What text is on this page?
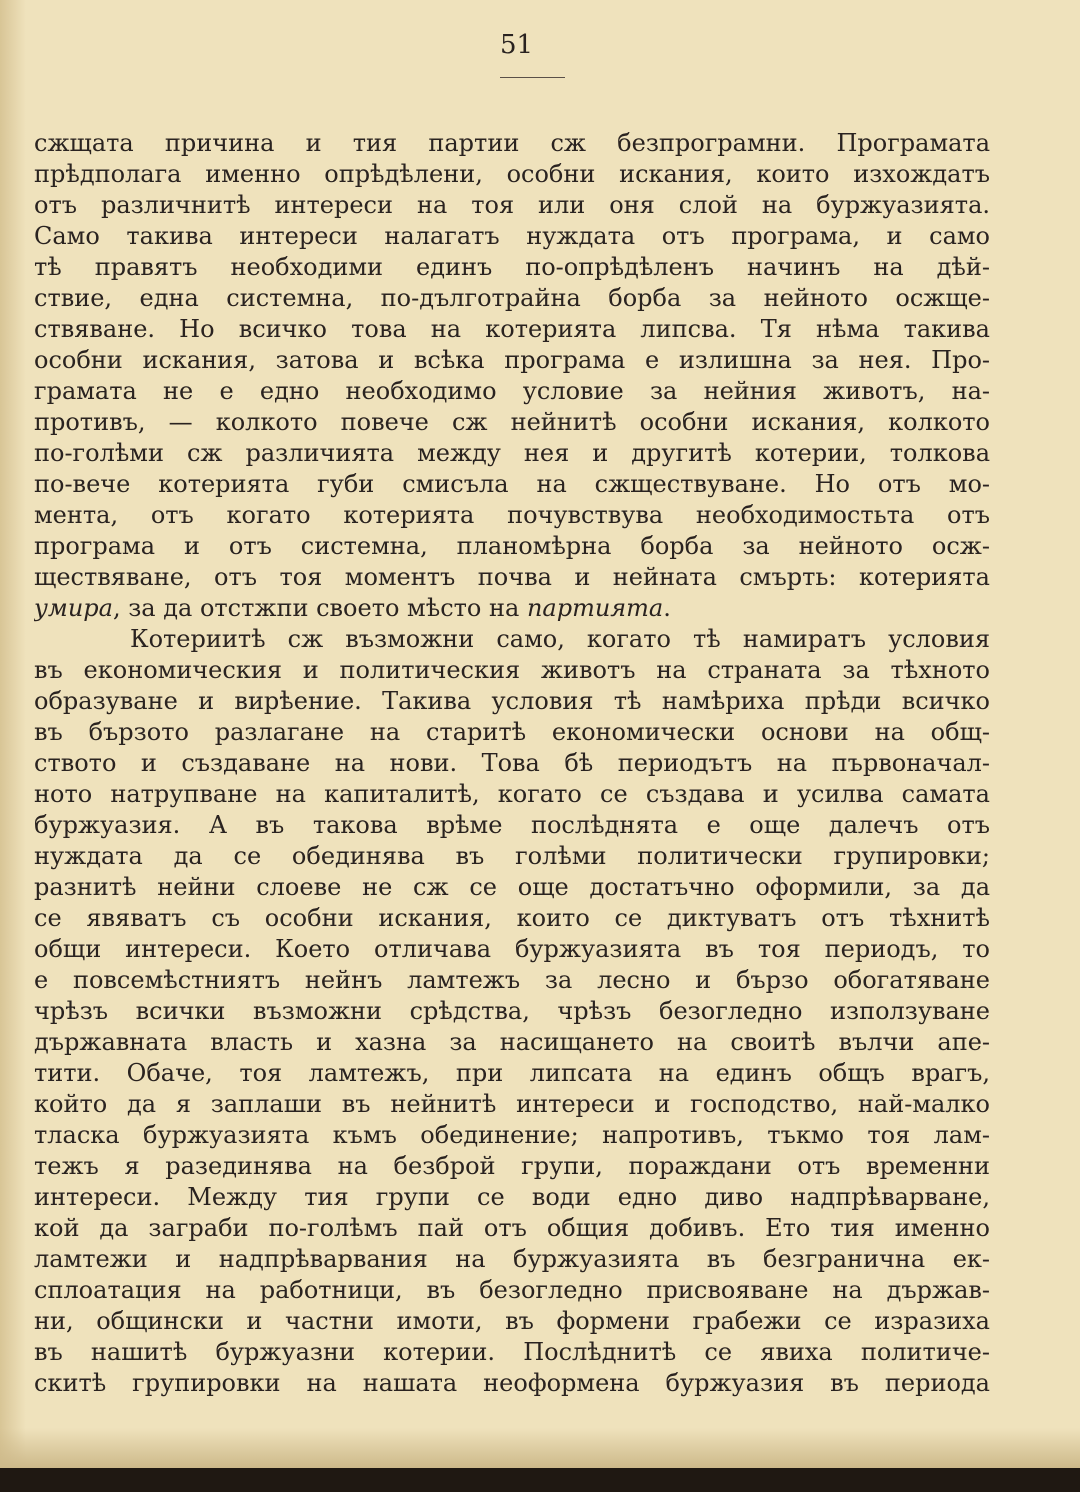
51
сжщата причина и тия партии сж безпрограмни. Програмата
прѣдполага именно опрѣдѣлени, особни искания, които изхождатъ
отъ различнитѣ интереси на тоя или оня слой на буржуазията.
Само такива интереси налагатъ нуждата отъ програма, и само
тѣ правятъ необходими единъ по-опрѣдѣленъ начинъ на дѣй-
ствие, една системна, по-дълготрайна борба за нейното осжще-
ствяване. Но всичко това на котерията липсва. Тя нѣма такива
особни искания, затова и всѣка програма е излишна за нея. Про-
грамата не е едно необходимо условие за нейния животъ, на-
противъ, — колкото повече сж нейнитѣ особни искания, колкото
по-голѣми сж различията между нея и другитѣ котерии, толкова
по-вече котерията губи смисъла на сжществуване. Но отъ мо-
мента, отъ когато котерията почувствува необходимостьта отъ
програма и отъ системна, планомѣрна борба за нейното осж-
ществяване, отъ тоя моментъ почва и нейната смърть: котерията
умира, за да отстжпи своето мѣсто на партията.
Котериитѣ сж възможни само, когато тѣ намиратъ условия
въ економическия и политическия животъ на страната за тѣхното
образуване и вирѣение. Такива условия тѣ намѣриха прѣди всичко
въ бързото разлагане на старитѣ економически основи на общ-
ството и създаване на нови. Това бѣ периодътъ на първоначал-
ното натрупване на капиталитѣ, когато се създава и усилва самата
буржуазия. А въ такова врѣме послѣднята е още далечъ отъ
нуждата да се обединява въ голѣми политически групировки;
разнитѣ нейни слоеве не сж се още достатъчно оформили, за да
се явяватъ съ особни искания, които се диктуватъ отъ тѣхнитѣ
общи интереси. Което отличава буржуазията въ тоя периодъ, то
е повсемѣстниятъ нейнъ лaмтежъ за лесно и бързо обогатяване
чрѣзъ всички възможни срѣдства, чрѣзъ безогледно използуване
държавната власть и хазна за насищането на своитѣ вълчи апе-
тити. Обаче, тоя ламтежъ, при липсата на единъ общъ врагъ,
който да я заплаши въ нейнитѣ интереси и господство, най-малко
тласка буржуазията къмъ обединение; напротивъ, тъкмо тоя лам-
тежъ я разединява на безброй групи, пораждани отъ временни
интереси. Между тия групи се води едно диво надпрѣварване,
кой да заграби по-голѣмъ пай отъ общия добивъ. Ето тия именно
ламтежи и надпрѣварвания на буржуазията въ безгранична ек-
сплоатация на работници, въ безогледно присвояване на държав-
ни, общински и частни имоти, въ формени грабежи се изразиха
въ нашитѣ буржуазни котерии. Послѣднитѣ се явиха политиче-
скитѣ групировки на нашата неоформена буржуазия въ периода
